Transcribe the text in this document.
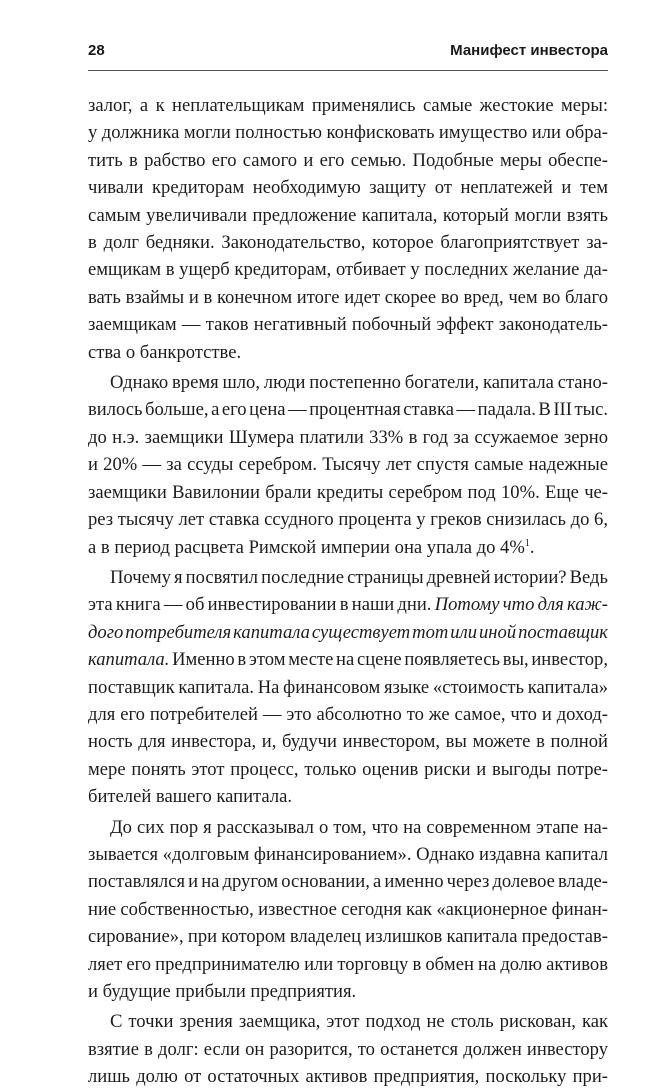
28	Манифест инвестора
залог, а к неплательщикам применялись самые жестокие меры:
у должника могли полностью конфисковать имущество или обра-
тить в рабство его самого и его семью. Подобные меры обеспе-
чивали кредиторам необходимую защиту от неплатежей и тем
самым увеличивали предложение капитала, который могли взять
в долг бедняки. Законодательство, которое благоприятствует за-
емщикам в ущерб кредиторам, отбивает у последних желание да-
вать взаймы и в конечном итоге идет скорее во вред, чем во благо
заемщикам — таков негативный побочный эффект законодатель-
ства о банкротстве.
Однако время шло, люди постепенно богатели, капитала стано-
вилось больше, а его цена — процентная ставка — падала. В III тыс.
до н.э. заемщики Шумера платили 33% в год за ссужаемое зерно
и 20% — за ссуды серебром. Тысячу лет спустя самые надежные
заемщики Вавилонии брали кредиты серебром под 10%. Еще че-
рез тысячу лет ставка ссудного процента у греков снизилась до 6,
а в период расцвета Римской империи она упала до 4%$^1$.
Почему я посвятил последние страницы древней истории? Ведь
эта книга — об инвестировании в наши дни. Потому что для каж-
дого потребителя капитала существует тот или иной поставщик
капитала. Именно в этом месте на сцене появляетесь вы, инвестор,
поставщик капитала. На финансовом языке «стоимость капитала»
для его потребителей — это абсолютно то же самое, что и доход-
ность для инвестора, и, будучи инвестором, вы можете в полной
мере понять этот процесс, только оценив риски и выгоды потре-
бителей вашего капитала.
До сих пор я рассказывал о том, что на современном этапе на-
зывается «долговым финансированием». Однако издавна капитал
поставлялся и на другом основании, а именно через долевое владе-
ние собственностью, известное сегодня как «акционерное финан-
сирование», при котором владелец излишков капитала предостав-
ляет его предпринимателю или торговцу в обмен на долю активов
и будущие прибыли предприятия.
С точки зрения заемщика, этот подход не столь рискован, как
взятие в долг: если он разорится, то останется должен инвестору
лишь долю от остаточных активов предприятия, поскольку при-
